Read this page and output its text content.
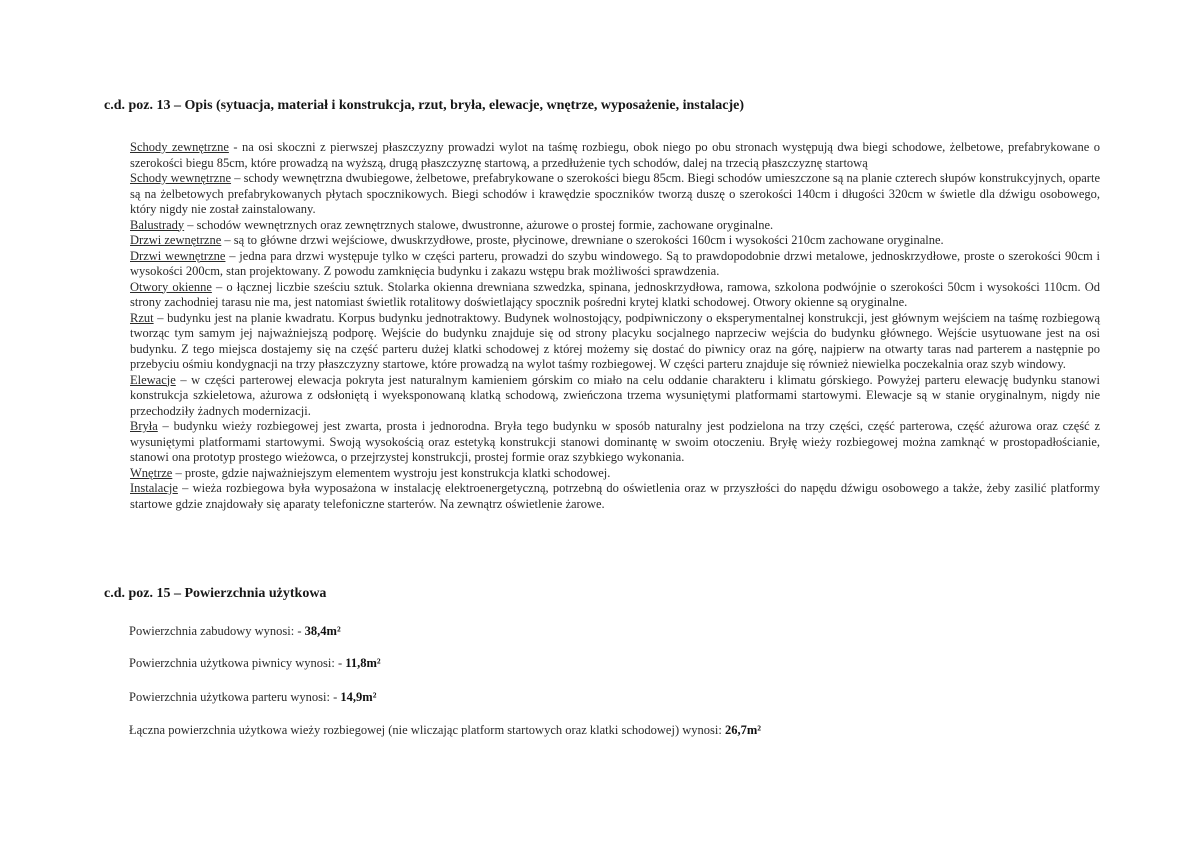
c.d. poz. 13 – Opis (sytuacja, materiał i konstrukcja, rzut, bryła, elewacje, wnętrze, wyposażenie, instalacje)

Schody zewnętrzne - na osi skoczni z pierwszej płaszczyzny prowadzi wylot na taśmę rozbiegu, obok niego po obu stronach występują dwa biegi schodowe, żelbetowe, prefabrykowane o szerokości biegu 85cm, które prowadzą na wyższą, drugą płaszczyznę startową, a przedłużenie tych schodów, dalej na trzecią płaszczyznę startową

Schody wewnętrzne – schody wewnętrzna dwubiegowe, żelbetowe, prefabrykowane o szerokości biegu 85cm. Biegi schodów umieszczone są na planie czterech słupów konstrukcyjnych, oparte są na żelbetowych prefabrykowanych płytach spocznikowych. Biegi schodów i krawędzie spoczników tworzą duszę o szerokości 140cm i długości 320cm w świetle dla dźwigu osobowego, który nigdy nie został zainstalowany.

Balustrady – schodów wewnętrznych oraz zewnętrznych stalowe, dwustronne, ażurowe o prostej formie, zachowane oryginalne.

Drzwi zewnętrzne – są to główne drzwi wejściowe, dwuskrzydłowe, proste, płycinowe, drewniane o szerokości 160cm i wysokości 210cm zachowane oryginalne.

Drzwi wewnętrzne – jedna para drzwi występuje tylko w części parteru, prowadzi do szybu windowego. Są to prawdopodobnie drzwi metalowe, jednoskrzydłowe, proste o szerokości 90cm i wysokości 200cm, stan projektowany. Z powodu zamknięcia budynku i zakazu wstępu brak możliwości sprawdzenia.

Otwory okienne – o łącznej liczbie sześciu sztuk. Stolarka okienna drewniana szwedzka, spinana, jednoskrzydłowa, ramowa, szkolona podwójnie o szerokości 50cm i wysokości 110cm. Od strony zachodniej tarasu nie ma, jest natomiast świetlik rotalitowy doświetlający spocznik pośredni krytej klatki schodowej. Otwory okienne są oryginalne.

Rzut – budynku jest na planie kwadratu. Korpus budynku jednotraktowy. Budynek wolnostojący, podpiwniczony o eksperymentalnej konstrukcji, jest głównym wejściem na taśmę rozbiegową tworząc tym samym jej najważniejszą podporę. Wejście do budynku znajduje się od strony placyku socjalnego naprzeciw wejścia do budynku głównego. Wejście usytuowane jest na osi budynku. Z tego miejsca dostajemy się na część parteru dużej klatki schodowej z której możemy się dostać do piwnicy oraz na górę, najpierw na otwarty taras nad parterem a następnie po przebyciu ośmiu kondygnacji na trzy płaszczyzny startowe, które prowadzą na wylot taśmy rozbiegowej. W części parteru znajduje się również niewielka poczekalnia oraz szyb windowy.

Elewacje – w części parterowej elewacja pokryta jest naturalnym kamieniem górskim co miało na celu oddanie charakteru i klimatu górskiego. Powyżej parteru elewację budynku stanowi konstrukcja szkieletowa, ażurowa z odsłoniętą i wyeksponowaną klatką schodową, zwieńczona trzema wysuniętymi platformami startowymi. Elewacje są w stanie oryginalnym, nigdy nie przechodziły żadnych modernizacji.

Bryła – budynku wieży rozbiegowej jest zwarta, prosta i jednorodna. Bryła tego budynku w sposób naturalny jest podzielona na trzy części, część parterowa, część ażurowa oraz część z wysuniętymi platformami startowymi. Swoją wysokością oraz estetyką konstrukcji stanowi dominantę w swoim otoczeniu. Bryłę wieży rozbiegowej można zamknąć w prostopadłościanie, stanowi ona prototyp prostego wieżowca, o przejrzystej konstrukcji, prostej formie oraz szybkiego wykonania.

Wnętrze – proste, gdzie najważniejszym elementem wystroju jest konstrukcja klatki schodowej.

Instalacje – wieża rozbiegowa była wyposażona w instalację elektroenergetyczną, potrzebną do oświetlenia oraz w przyszłości do napędu dźwigu osobowego a także, żeby zasilić platformy startowe gdzie znajdowały się aparaty telefoniczne starterów. Na zewnątrz oświetlenie żarowe.

c.d. poz. 15 – Powierzchnia użytkowa
Powierzchnia zabudowy wynosi: - 38,4m²
Powierzchnia użytkowa piwnicy wynosi: - 11,8m²
Powierzchnia użytkowa parteru wynosi: - 14,9m²
Łączna powierzchnia użytkowa wieży rozbiegowej (nie wliczając platform startowych oraz klatki schodowej) wynosi: 26,7m²
